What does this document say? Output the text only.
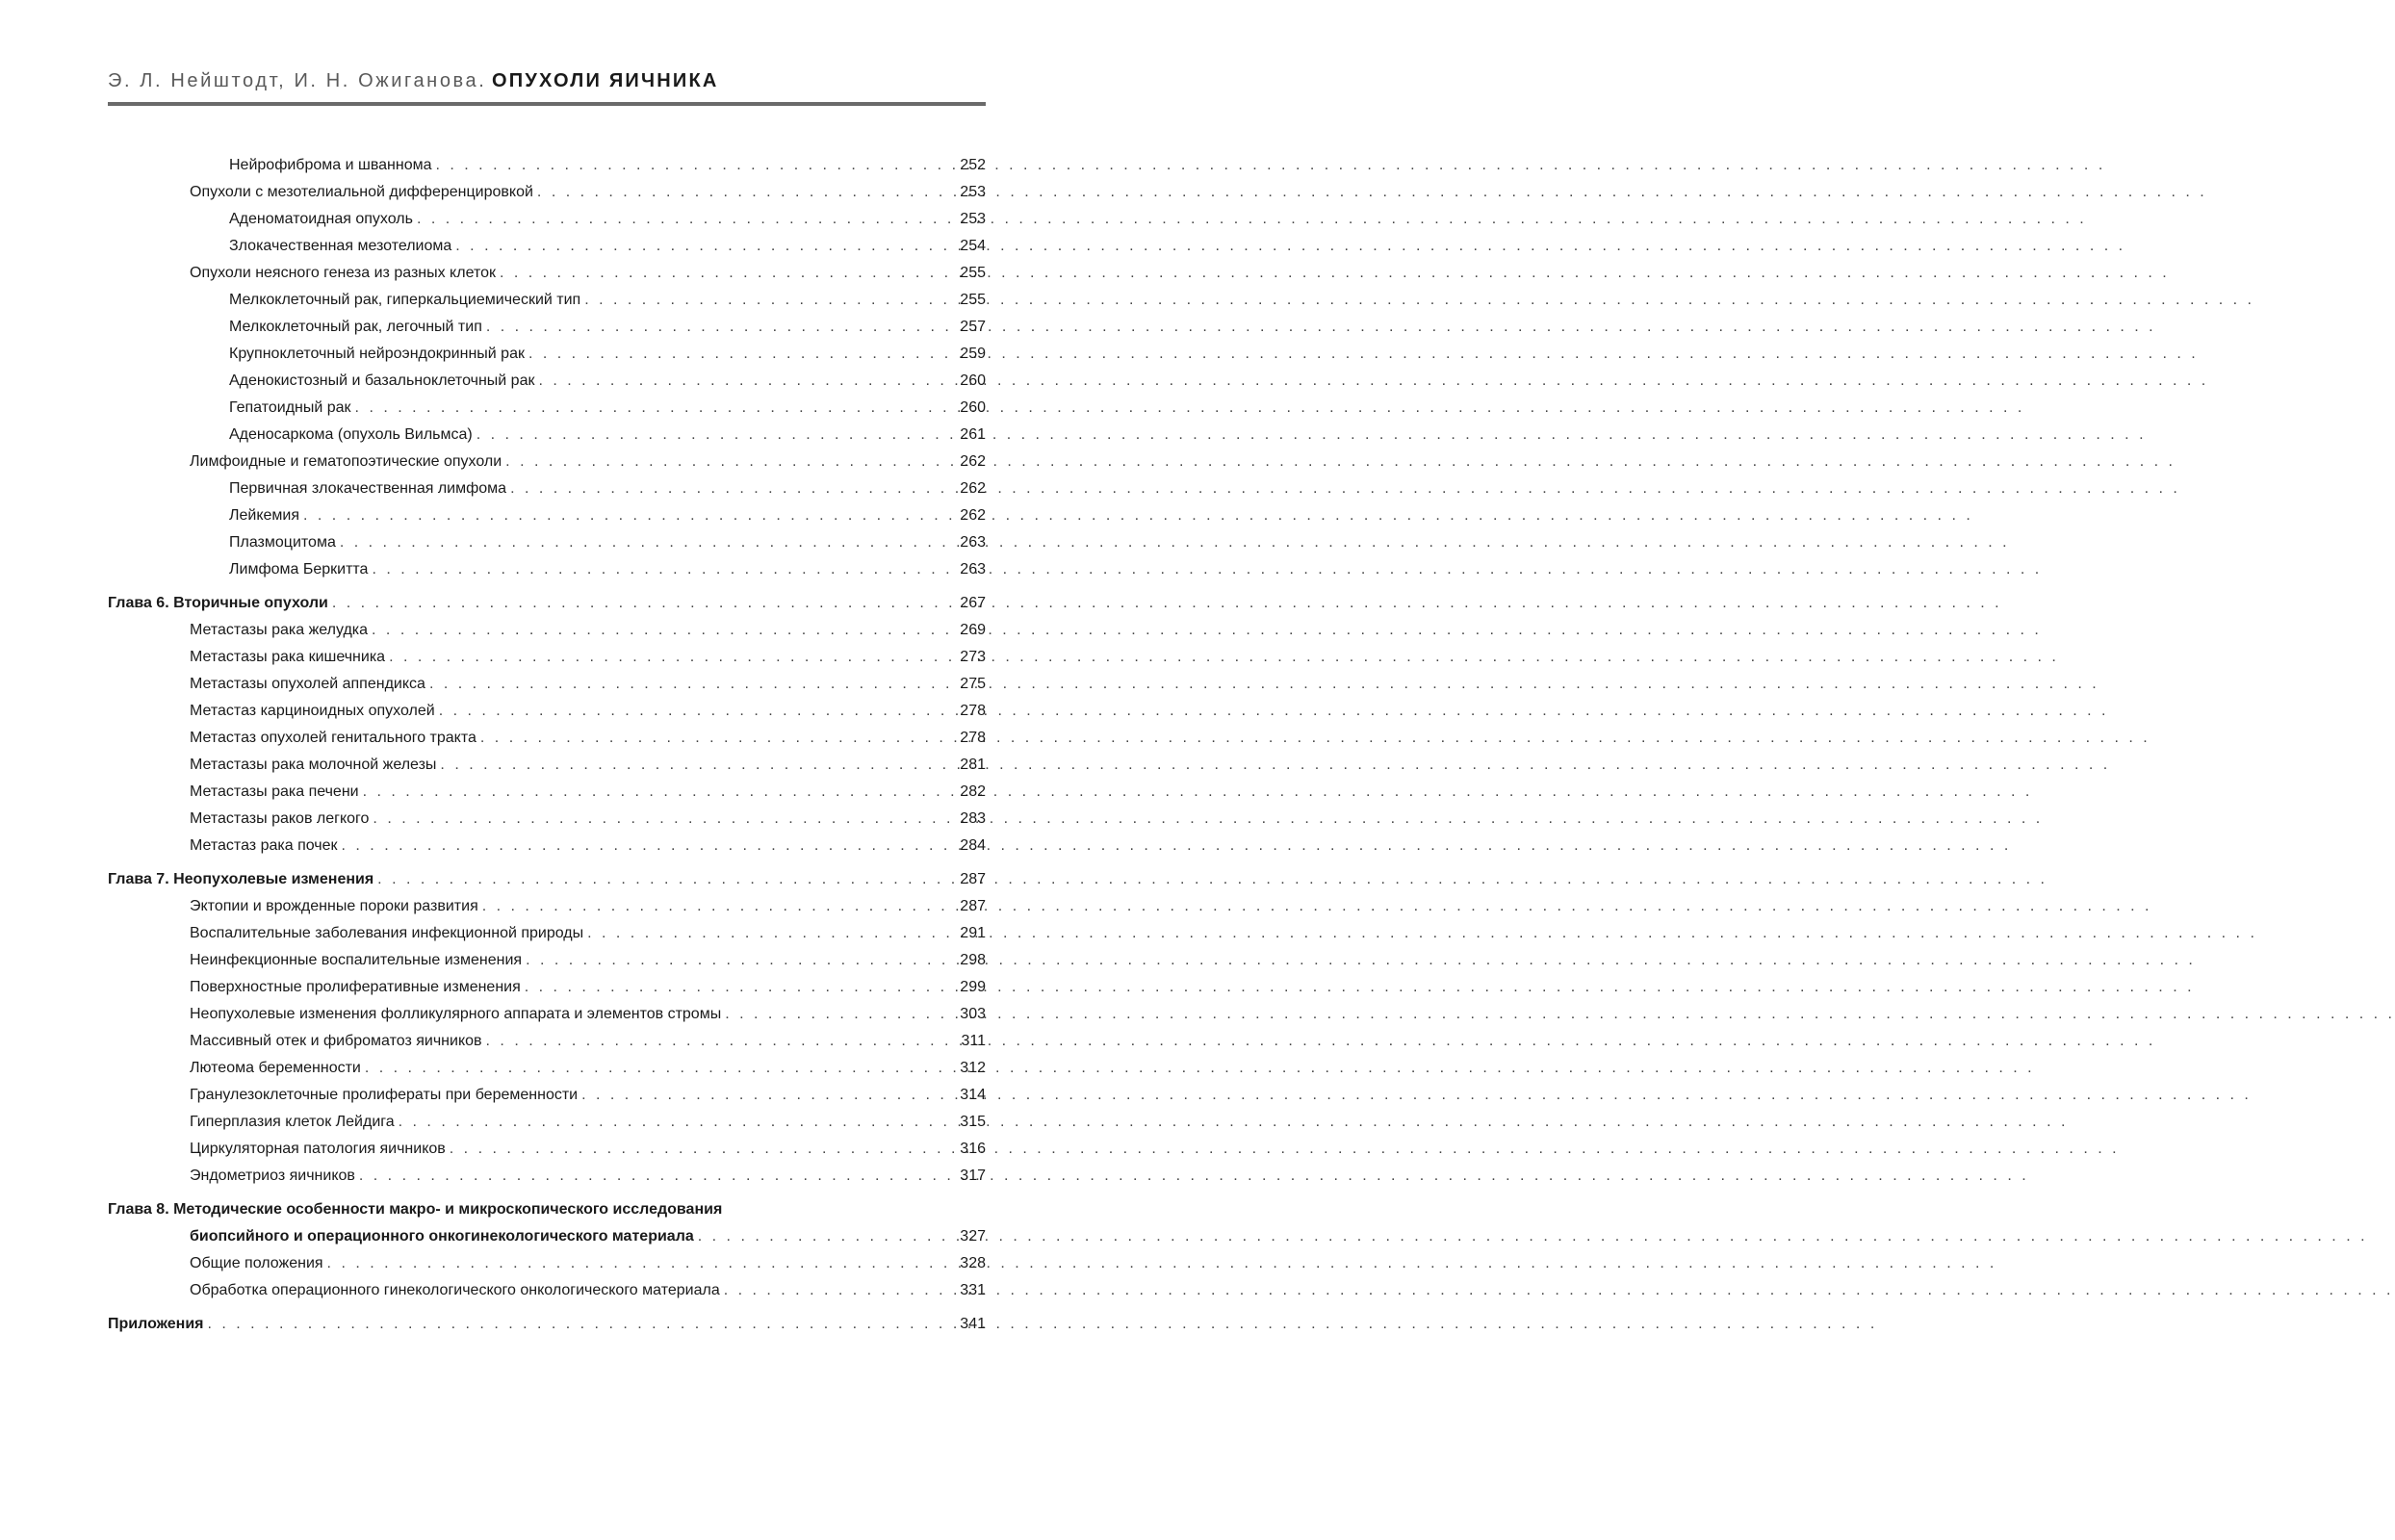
Э. Л. Нейштодт, И. Н. Ожиганова. ОПУХОЛИ ЯИЧНИКА
Нейрофиброма и шваннома . . .	252
Опухоли с мезотелиальной дифференцировкой . . .	253
Аденоматоидная опухоль . . .	253
Злокачественная мезотелиома . . .	254
Опухоли неясного генеза из разных клеток . . .	255
Мелкоклеточный рак, гиперкальциемический тип . . .	255
Мелкоклеточный рак, легочный тип . . .	257
Крупноклеточный нейроэндокринный рак . . .	259
Аденокистозный и базальноклеточный рак . . .	260
Гепатоидный рак . . .	260
Аденосаркома (опухоль Вильмса) . . .	261
Лимфоидные и гематопоэтические опухоли . . .	262
Первичная злокачественная лимфома . . .	262
Лейкемия . . .	262
Плазмоцитома . . .	263
Лимфома Беркитта . . .	263
Глава 6. Вторичные опухоли . . .	267
Метастазы рака желудка . . .	269
Метастазы рака кишечника . . .	273
Метастазы опухолей аппендикса . . .	275
Метастаз карциноидных опухолей . . .	278
Метастаз опухолей генитального тракта . . .	278
Метастазы рака молочной железы . . .	281
Метастазы рака печени . . .	282
Метастазы раков легкого . . .	283
Метастаз рака почек . . .	284
Глава 7. Неопухолевые изменения . . .	287
Эктопии и врожденные пороки развития . . .	287
Воспалительные заболевания инфекционной природы . . .	291
Неинфекционные воспалительные изменения . . .	298
Поверхностные пролиферативные изменения . . .	299
Неопухолевые изменения фолликулярного аппарата и элементов стромы . . .	303
Массивный отек и фиброматоз яичников . . .	311
Лютеома беременности . . .	312
Гранулезоклеточные пролифераты при беременности . . .	314
Гиперплазия клеток Лейдига . . .	315
Циркуляторная патология яичников . . .	316
Эндометриоз яичников . . .	317
Глава 8. Методические особенности макро- и микроскопического исследования
биопсийного и операционного онкогинекологического материала . . .	327
Общие положения . . .	328
Обработка операционного гинекологического онкологического материала . . .	331
Приложения . . .	341
